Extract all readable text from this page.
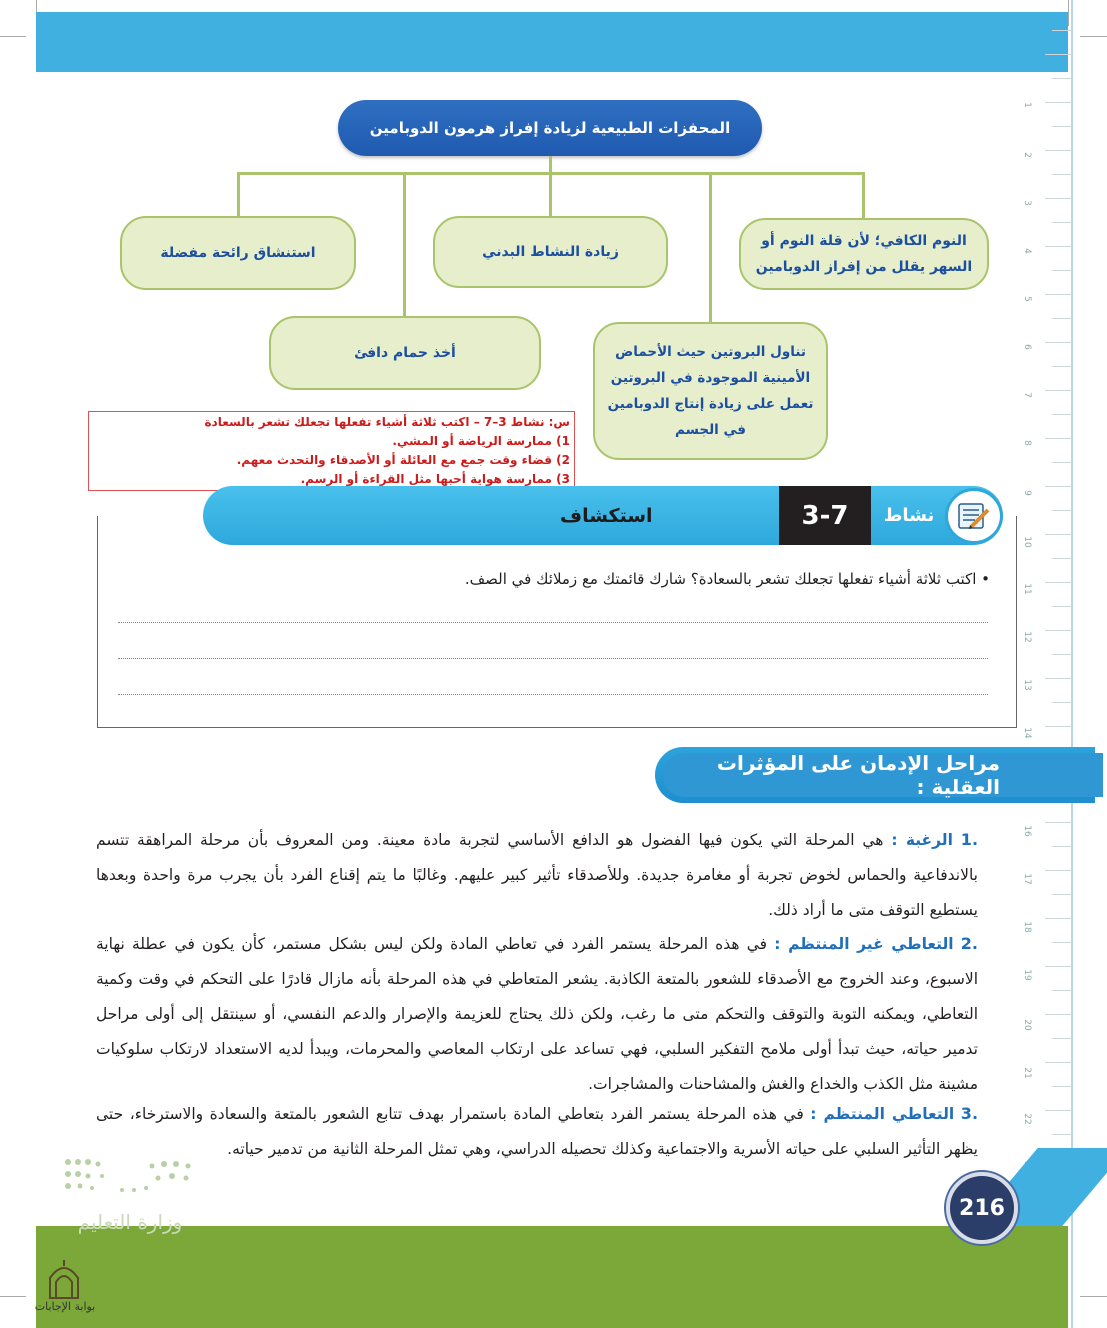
1
2
3
4
5
6
7
8
9
10
11
12
13
14
16
17
18
19
20
21
22
المحفزات الطبيعية لزيادة إفراز هرمون الدوبامين
النوم الكافي؛ لأن قلة النوم أو السهر يقلل من إفراز الدوبامين
زيادة النشاط البدني
استنشاق رائحة مفضلة
تناول البروتين حيث الأحماض الأمينية الموجودة في البروتين تعمل على زيادة إنتاج الدوبامين في الجسم
أخذ حمام دافئ
س: نشاط 3–7 – اكتب ثلاثة أشياء تفعلها تجعلك تشعر بالسعادة
1) ممارسة الرياضة أو المشي.
2) قضاء وقت جمع مع العائلة أو الأصدقاء والتحدث معهم.
3) ممارسة هواية أحبها مثل القراءة أو الرسم.
استكشاف	3-7	نشاط
• اكتب ثلاثة أشياء تفعلها تجعلك تشعر بالسعادة؟ شارك قائمتك مع زملائك في الصف.
مراحل الإدمان على المؤثرات العقلية :
.1 الرغبة : هي المرحلة التي يكون فيها الفضول هو الدافع الأساسي لتجربة مادة معينة. ومن المعروف بأن مرحلة المراهقة تتسم بالاندفاعية والحماس لخوض تجربة أو مغامرة جديدة. وللأصدقاء تأثير كبير عليهم. وغالبًا ما يتم إقناع الفرد بأن يجرب مرة واحدة وبعدها يستطيع التوقف متى ما أراد ذلك.
.2 التعاطي غير المنتظم : في هذه المرحلة يستمر الفرد في تعاطي المادة ولكن ليس بشكل مستمر، كأن يكون في عطلة نهاية الاسبوع، وعند الخروج مع الأصدقاء للشعور بالمتعة الكاذبة. يشعر المتعاطي في هذه المرحلة بأنه مازال قادرًا على التحكم في وقت وكمية التعاطي، ويمكنه التوبة والتوقف والتحكم متى ما رغب، ولكن ذلك يحتاج للعزيمة والإصرار والدعم النفسي، أو سينتقل إلى أولى مراحل تدمير حياته، حيث تبدأ أولى ملامح التفكير السلبي، فهي تساعد على ارتكاب المعاصي والمحرمات، ويبدأ لديه الاستعداد لارتكاب سلوكيات مشينة مثل الكذب والخداع والغش والمشاحنات والمشاجرات.
.3 التعاطي المنتظم : في هذه المرحلة يستمر الفرد بتعاطي المادة باستمرار بهدف تتابع الشعور بالمتعة والسعادة والاسترخاء، حتى يظهر التأثير السلبي على حياته الأسرية والاجتماعية وكذلك تحصيله الدراسي، وهي تمثل المرحلة الثانية من تدمير حياته.
216
وزارة التعليم
بوابة الإجابات
